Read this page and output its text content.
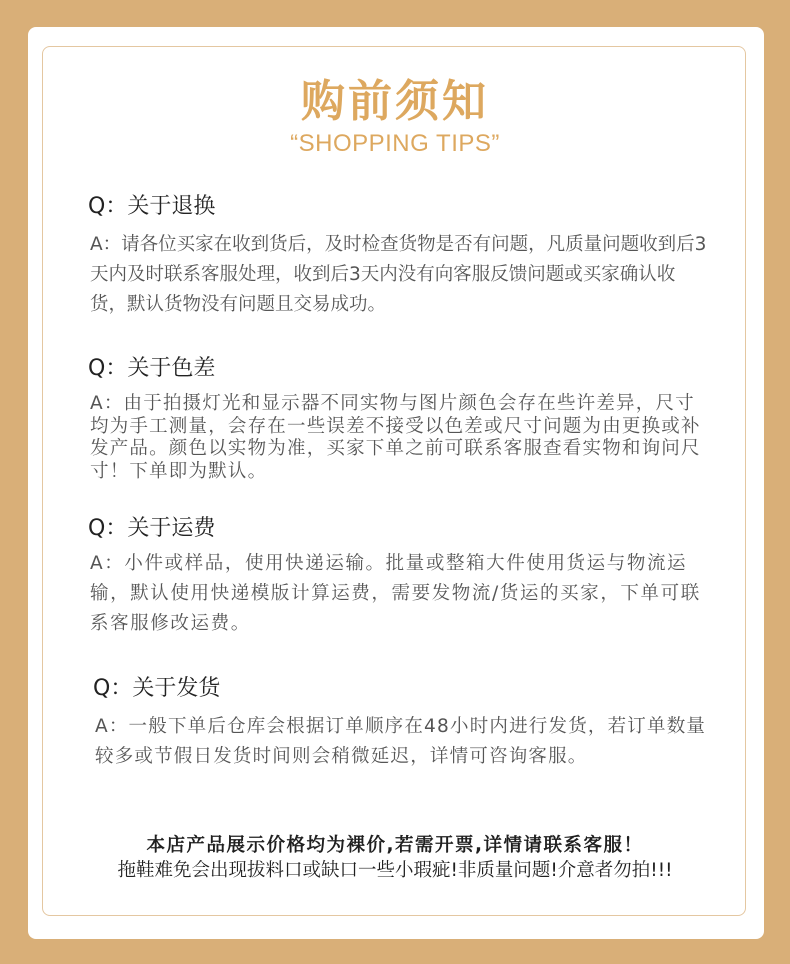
购前须知
“SHOPPING TIPS”
Q：关于退换
A：请各位买家在收到货后，及时检查货物是否有问题，凡质量问题收到后3天内及时联系客服处理，收到后3天内没有向客服反馈问题或买家确认收货，默认货物没有问题且交易成功。
Q：关于色差
A：由于拍摄灯光和显示器不同实物与图片颜色会存在些许差异，尺寸均为手工测量，会存在一些误差不接受以色差或尺寸问题为由更换或补发产品。颜色以实物为准，买家下单之前可联系客服查看实物和询问尺寸！下单即为默认。
Q：关于运费
A：小件或样品，使用快递运输。批量或整箱大件使用货运与物流运输，默认使用快递模版计算运费，需要发物流/货运的买家，下单可联系客服修改运费。
Q：关于发货
A：一般下单后仓库会根据订单顺序在48小时内进行发货，若订单数量较多或节假日发货时间则会稍微延迟，详情可咨询客服。
本店产品展示价格均为裸价,若需开票,详情请联系客服！
拖鞋难免会出现拔料口或缺口一些小瑕疵!非质量问题!介意者勿拍!!!
